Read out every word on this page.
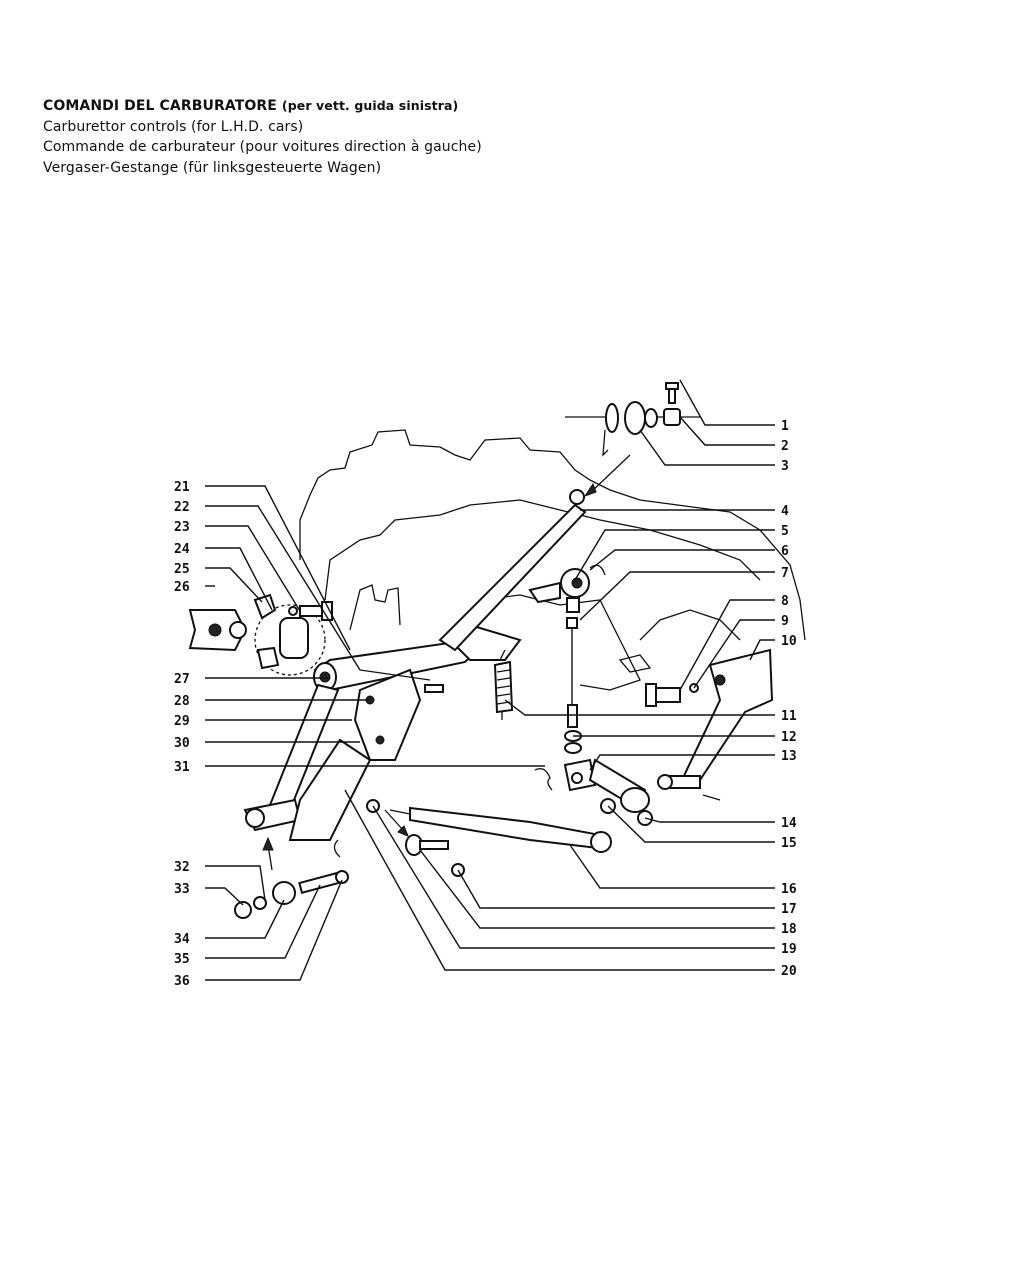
COMANDI DEL CARBURATORE (per vett. guida sinistra)
Carburettor controls (for L.H.D. cars)
Commande de carburateur (pour voitures direction à gauche)
Vergaser-Gestange (für linksgesteuerte Wagen)
1
2
3
4
5
6
7
8
9
10
11
12
13
14
15
16
17
18
19
20
21
22
23
24
25
26
27
28
29
30
31
32
33
34
35
36
